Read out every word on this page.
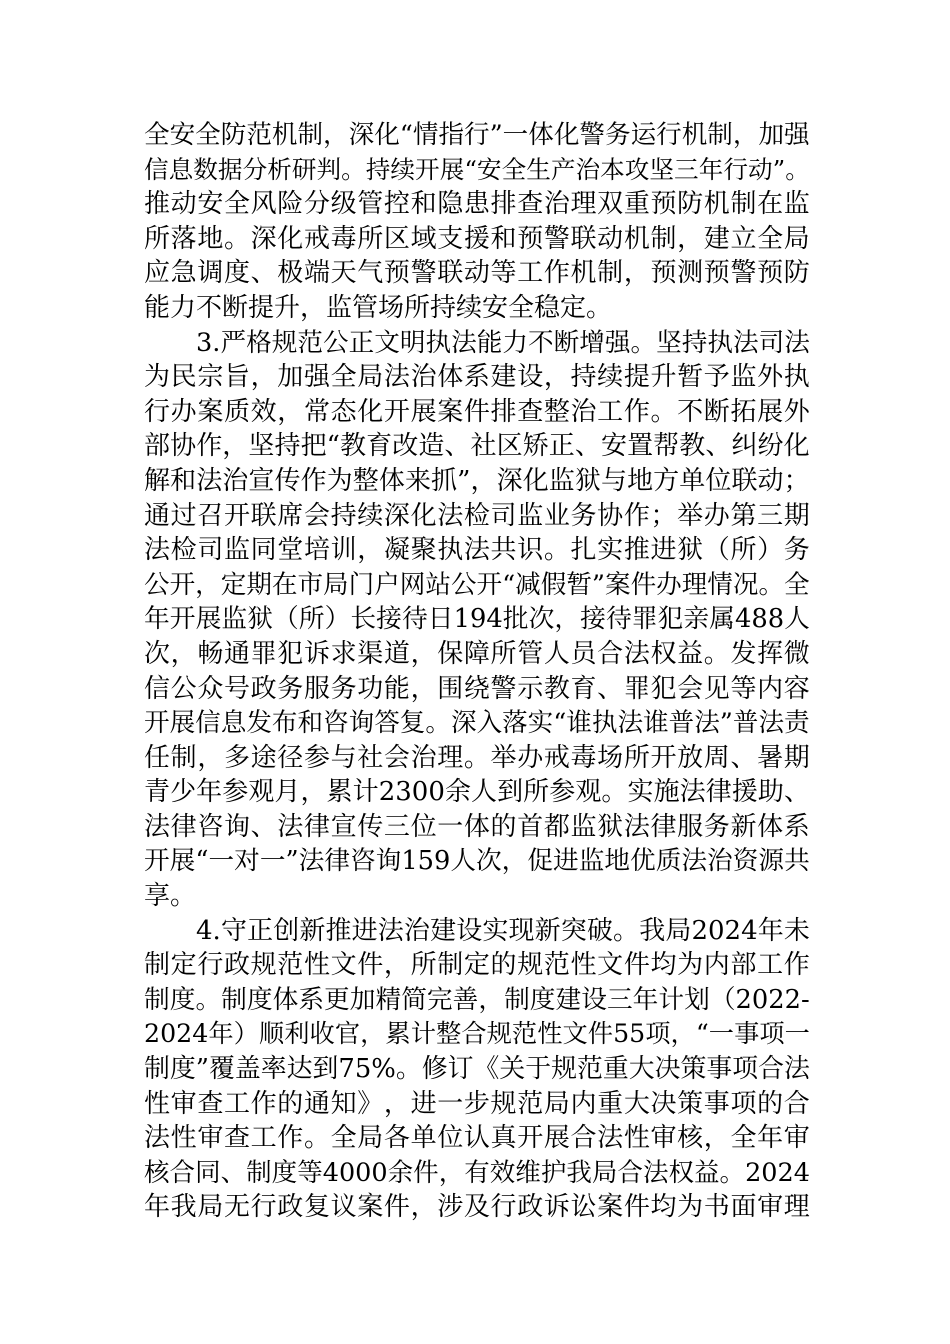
全 安 全 防 范 机 制 ， 深 化 “ 情 指 行 ” 一 体 化 警 务 运 行 机 制 ， 加 强
信 息 数 据 分 析 研 判 。 持 续 开 展 “ 安 全 生 产 治 本 攻 坚 三 年 行 动 ” 。
推 动 安 全 风 险 分 级 管 控 和 隐 患 排 查 治 理 双 重 预 防 机 制 在 监
所 落 地 。 深 化 戒 毒 所 区 域 支 援 和 预 警 联 动 机 制 ， 建 立 全 局
应 急 调 度 、 极 端 天 气 预 警 联 动 等 工 作 机 制 ， 预 测 预 警 预 防
能力不断提升，监管场所持续安全稳定。
3. 严 格 规 范 公 正 文 明 执 法 能 力 不 断 增 强 。 坚 持 执 法 司 法
为 民 宗 旨 ， 加 强 全 局 法 治 体 系 建 设 ， 持 续 提 升 暂 予 监 外 执
行 办 案 质 效 ， 常 态 化 开 展 案 件 排 查 整 治 工 作 。 不 断 拓 展 外
部 协 作 ， 坚 持 把 “ 教 育 改 造 、 社 区 矫 正 、 安 置 帮 教 、 纠 纷 化
解 和 法 治 宣 传 作 为 整 体 来 抓 ” ， 深 化 监 狱 与 地 方 单 位 联 动 ；
通 过 召 开 联 席 会 持 续 深 化 法 检 司 监 业 务 协 作 ； 举 办 第 三 期
法 检 司 监 同 堂 培 训 ， 凝 聚 执 法 共 识 。 扎 实 推 进 狱 （ 所 ） 务
公 开 ， 定 期 在 市 局 门 户 网 站 公 开 “ 减 假 暂 ” 案 件 办 理 情 况 。 全
年 开 展 监 狱 （ 所 ） 长 接 待 日 194 批 次 ， 接 待 罪 犯 亲 属 488 人
次 ， 畅 通 罪 犯 诉 求 渠 道 ， 保 障 所 管 人 员 合 法 权 益 。 发 挥 微
信 公 众 号 政 务 服 务 功 能 ， 围 绕 警 示 教 育 、 罪 犯 会 见 等 内 容
开 展 信 息 发 布 和 咨 询 答 复 。 深 入 落 实 “ 谁 执 法 谁 普 法 ” 普 法 责
任 制 ， 多 途 径 参 与 社 会 治 理 。 举 办 戒 毒 场 所 开 放 周 、 暑 期
青 少 年 参 观 月 ， 累 计 2300 余 人 到 所 参 观 。 实 施 法 律 援 助 、
法 律 咨 询 、 法 律 宣 传 三 位 一 体 的 首 都 监 狱 法 律 服 务 新 体 系
开 展 “ 一 对 一 ” 法 律 咨 询 159 人 次 ， 促 进 监 地 优 质 法 治 资 源 共
享。
4. 守 正 创 新 推 进 法 治 建 设 实 现 新 突 破 。 我 局 2024 年 未
制 定 行 政 规 范 性 文 件 ， 所 制 定 的 规 范 性 文 件 均 为 内 部 工 作
制 度 。 制 度 体 系 更 加 精 简 完 善 ， 制 度 建 设 三 年 计 划 （ 2022-
2024 年 ） 顺 利 收 官 ， 累 计 整 合 规 范 性 文 件 55 项 ， “ 一 事 项 一
制 度 ” 覆 盖 率 达 到 75% 。 修 订 《 关 于 规 范 重 大 决 策 事 项 合 法
性 审 查 工 作 的 通 知 》 ， 进 一 步 规 范 局 内 重 大 决 策 事 项 的 合
法 性 审 查 工 作 。 全 局 各 单 位 认 真 开 展 合 法 性 审 核 ， 全 年 审
核 合 同 、 制 度 等 4000 余 件 ， 有 效 维 护 我 局 合 法 权 益 。 2024
年 我 局 无 行 政 复 议 案 件 ， 涉 及 行 政 诉 讼 案 件 均 为 书 面 审 理
